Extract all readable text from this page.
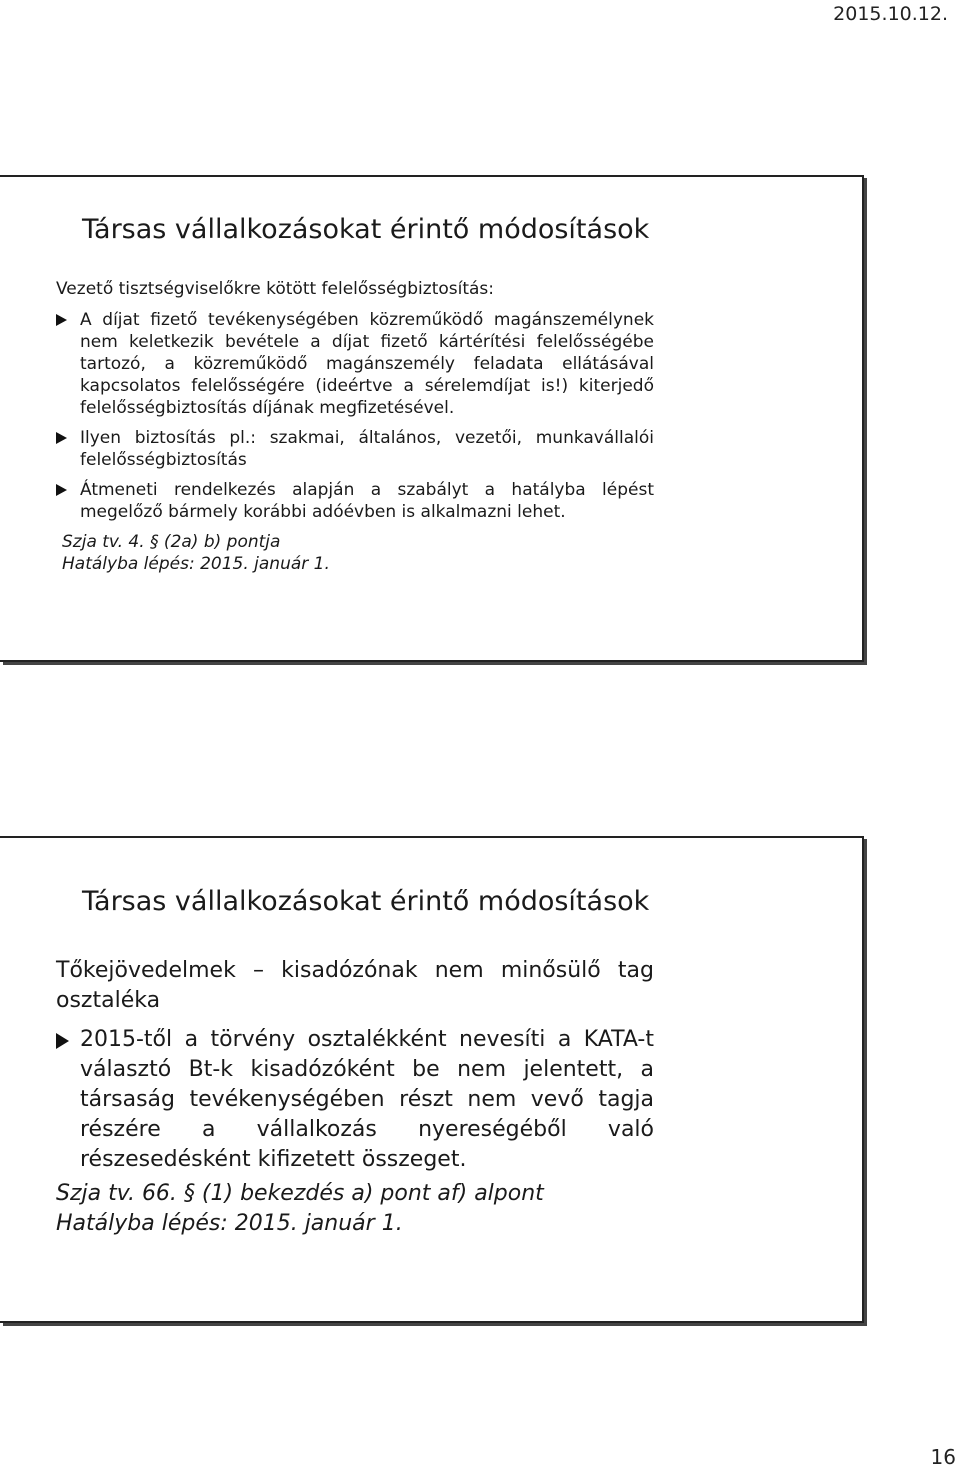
2015.10.12.
Társas vállalkozásokat érintő módosítások
Vezető tisztségviselőkre kötött felelősségbiztosítás:
A díjat fizető tevékenységében közreműködő magánszemélynek nem keletkezik bevétele a díjat fizető kártérítési felelősségébe tartozó, a közreműködő magánszemély feladata ellátásával kapcsolatos felelősségére (ideértve a sérelemdíjat is!) kiterjedő felelősségbiztosítás díjának megfizetésével.
Ilyen biztosítás pl.: szakmai, általános, vezetői, munkavállalói felelősségbiztosítás
Átmeneti rendelkezés alapján a szabályt a hatályba lépést megelőző bármely korábbi adóévben is alkalmazni lehet.
Szja tv. 4. § (2a) b) pontja
Hatályba lépés: 2015. január 1.
Társas vállalkozásokat érintő módosítások
Tőkejövedelmek – kisadózónak nem minősülő tag osztaléka
2015-től a törvény osztalékként nevesíti a KATA-t választó Bt-k kisadózóként be nem jelentett, a társaság tevékenységében részt nem vevő tagja részére a vállalkozás nyereségéből való részesedésként kifizetett összeget.
Szja tv. 66. § (1) bekezdés a) pont af) alpont
Hatályba lépés: 2015. január 1.
16
